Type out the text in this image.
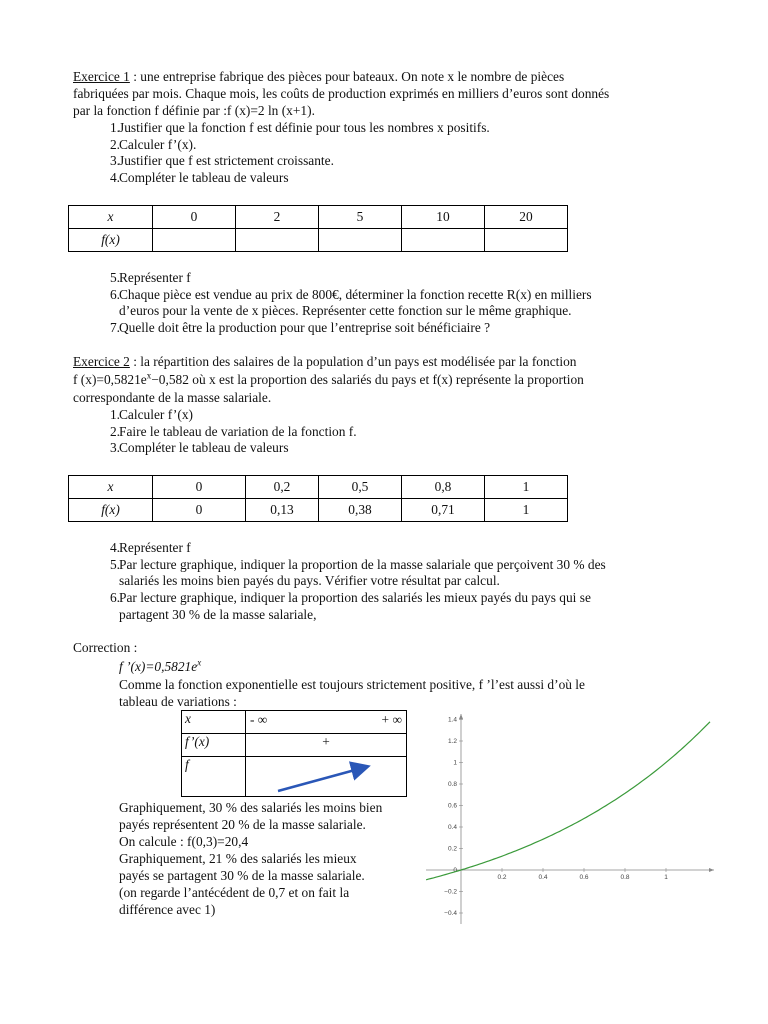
Exercice 1 : une entreprise fabrique des pièces pour bateaux. On note x le nombre de pièces
fabriquées par mois. Chaque mois, les coûts de production exprimés en milliers d’euros sont donnés
par la fonction f définie par :f (x)=2 ln (x+1).
1. Justifier que la fonction f est définie pour tous les nombres x positifs.
2. Calculer f’(x).
3. Justifier que f est strictement croissante.
4. Compléter le tableau de valeurs
x	0	2	5	10	20
f(x)					
5. Représenter f
6. Chaque pièce est vendue au prix de 800€, déterminer la fonction recette R(x) en milliers
d’euros pour la vente de x pièces. Représenter cette fonction sur le même graphique.
7. Quelle doit être la production pour que l’entreprise soit bénéficiaire ?
Exercice 2 : la répartition des salaires de la population d’un pays est modélisée par la fonction
f $(x)=0,5821e^x-0,582$ où x est la proportion des salariés du pays et f(x) représente la proportion
correspondante de la masse salariale.
1. Calculer f’(x)
2. Faire le tableau de variation de la fonction f.
3. Compléter le tableau de valeurs
x	0	0,2	0,5	0,8	1
f(x)	0	0,13	0,38	0,71	1
4. Représenter f
5. Par lecture graphique, indiquer la proportion de la masse salariale que perçoivent 30 % des
salariés les moins bien payés du pays. Vérifier votre résultat par calcul.
6. Par lecture graphique, indiquer la proportion des salariés les mieux payés du pays qui se
partagent 30 % de la masse salariale,
Correction :
f $’(x)=0,5821e^x$
Comme la fonction exponentielle est toujours strictement positive, f ’l’est aussi d’où le
tableau de variations :
x	- ∞ + ∞

f’(x)	+
f	
Graphiquement, 30 % des salariés les moins bien
payés représentent 20 % de la masse salariale.
On calcule : f(0,3)=20,4
Graphiquement, 21 % des salariés les mieux
payés se partagent 30 % de la masse salariale.
(on regarde l’antécédent de 0,7 et on fait la
différence avec 1)
1.4
1.2
1
0.8
0.6
0.4
0.2
0
−0.2
−0.4
0.2	0.4	0.6	0.8	1
